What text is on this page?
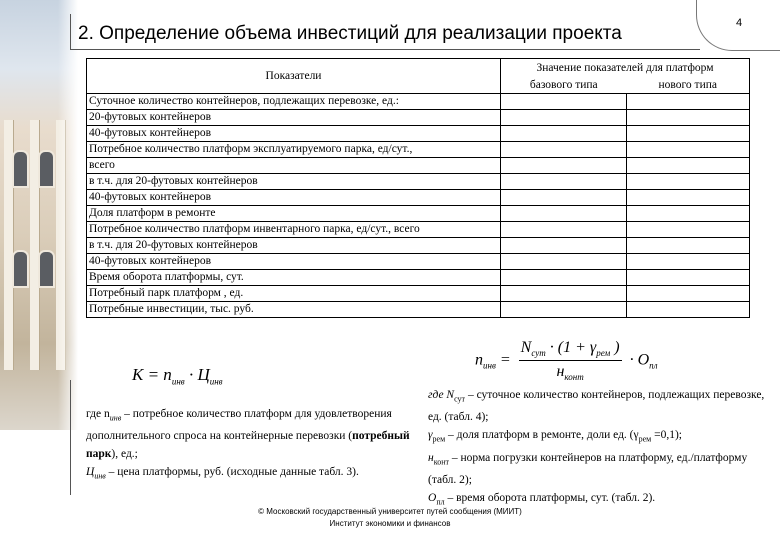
2. Определение объема инвестиций для реализации проекта	4
Показатели	Значение показателей для платформ	
	базового типа	нового типа
Суточное количество контейнеров, подлежащих перевозке, ед.:		
20-футовых контейнеров		
40-футовых контейнеров		
Потребное количество платформ эксплуатируемого парка, ед/сут.,		
всего		
в т.ч. для 20-футовых контейнеров		
40-футовых контейнеров		
Доля платформ в ремонте		
Потребное количество платформ инвентарного парка, ед/сут., всего		
в т.ч. для 20-футовых контейнеров		
40-футовых контейнеров		
Время оборота платформы, сут.		
Потребный парк платформ , ед.		
Потребные инвестиции, тыс. руб.		
$K = n_{инв} \cdot Ц_{инв}$
$n_{инв} = \frac{N_{сут} \cdot (1 + \gamma_{рем} )}{н_{конт}} \cdot O_{пл}$
где $n_{инв}$ – потребное количество платформ для удовлетворения дополнительного спроса на контейнерные перевозки (потребный парк), ед.;
$Ц_{инв}$ – цена платформы, руб. (исходные данные табл. 3).
где $N_{сут}$ – суточное количество контейнеров, подлежащих перевозке, ед. (табл. 4);
$\gamma_{рем}$ – доля платформ в ремонте, доли ед. $(\gamma_{рем} =0,1)$;
$н_{конт}$ – норма погрузки контейнеров на платформу, ед./платформу (табл. 2);
$О_{пл}$ – время оборота платформы, сут. (табл. 2).
© Московский государственный университет путей сообщения (МИИТ)
Институт экономики и финансов
